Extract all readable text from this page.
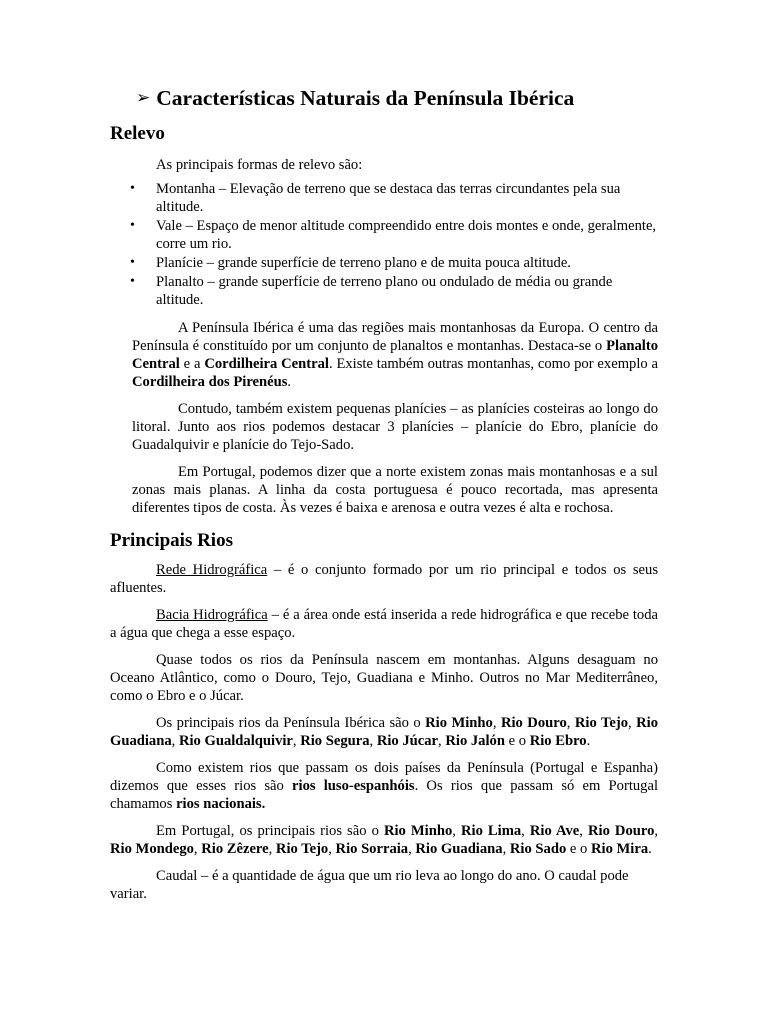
➢ Características Naturais da Península Ibérica
Relevo

As principais formas de relevo são:

• Montanha – Elevação de terreno que se destaca das terras circundantes pela sua altitude.
• Vale – Espaço de menor altitude compreendido entre dois montes e onde, geralmente, corre um rio.
• Planície – grande superfície de terreno plano e de muita pouca altitude.
• Planalto – grande superfície de terreno plano ou ondulado de média ou grande altitude.

A Península Ibérica é uma das regiões mais montanhosas da Europa. O centro da Península é constituído por um conjunto de planaltos e montanhas. Destaca-se o Planalto Central e a Cordilheira Central. Existe também outras montanhas, como por exemplo a Cordilheira dos Pirenéus.

Contudo, também existem pequenas planícies – as planícies costeiras ao longo do litoral. Junto aos rios podemos destacar 3 planícies – planície do Ebro, planície do Guadalquivir e planície do Tejo-Sado.

Em Portugal, podemos dizer que a norte existem zonas mais montanhosas e a sul zonas mais planas. A linha da costa portuguesa é pouco recortada, mas apresenta diferentes tipos de costa. Às vezes é baixa e arenosa e outra vezes é alta e rochosa.

Principais Rios

Rede Hidrográfica – é o conjunto formado por um rio principal e todos os seus afluentes.

Bacia Hidrográfica – é a área onde está inserida a rede hidrográfica e que recebe toda a água que chega a esse espaço.

Quase todos os rios da Península nascem em montanhas. Alguns desaguam no Oceano Atlântico, como o Douro, Tejo, Guadiana e Minho. Outros no Mar Mediterrâneo, como o Ebro e o Júcar.

Os principais rios da Península Ibérica são o Rio Minho, Rio Douro, Rio Tejo, Rio Guadiana, Rio Gualdalquivir, Rio Segura, Rio Júcar, Rio Jalón e o Rio Ebro.

Como existem rios que passam os dois países da Península (Portugal e Espanha) dizemos que esses rios são rios luso-espanhóis. Os rios que passam só em Portugal chamamos rios nacionais.

Em Portugal, os principais rios são o Rio Minho, Rio Lima, Rio Ave, Rio Douro, Rio Mondego, Rio Zêzere, Rio Tejo, Rio Sorraia, Rio Guadiana, Rio Sado e o Rio Mira.

Caudal – é a quantidade de água que um rio leva ao longo do ano. O caudal pode variar.
